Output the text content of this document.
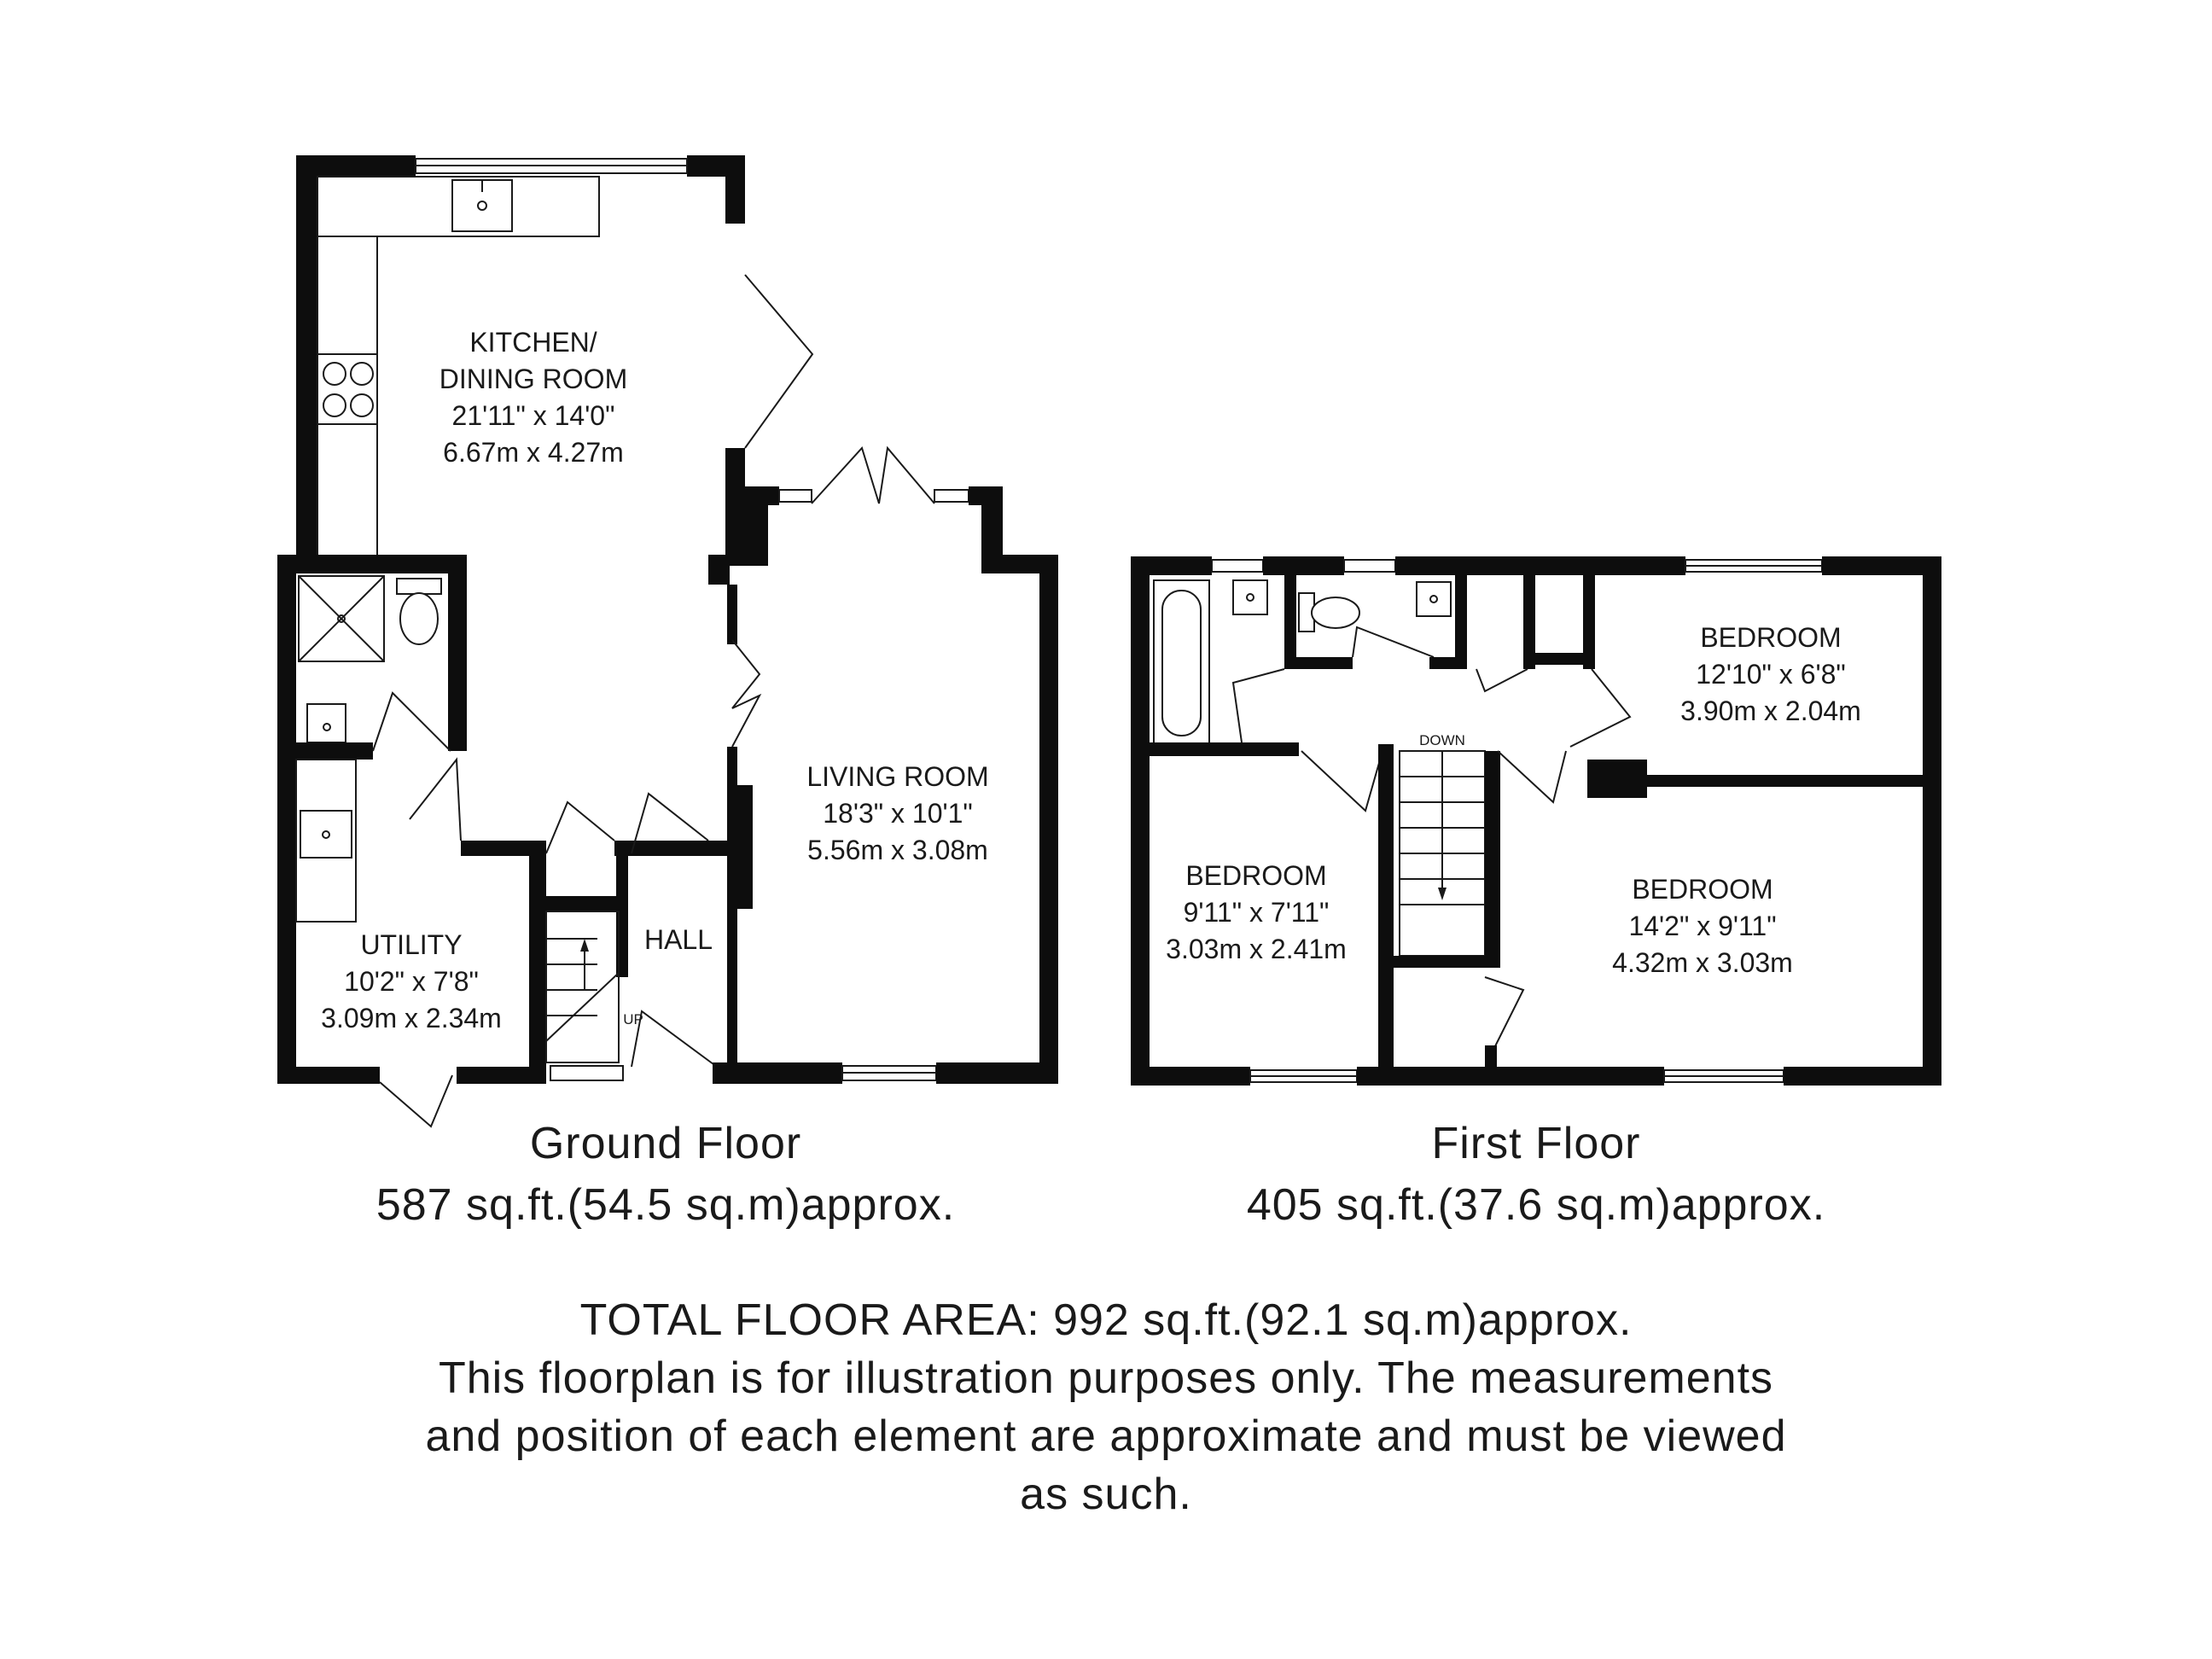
UP
KITCHEN/
DINING ROOM
21'11" x 14'0"
6.67m x 4.27m
LIVING ROOM
18'3" x 10'1"
5.56m x 3.08m
UTILITY
10'2" x 7'8"
3.09m x 2.34m
HALL
DOWN
BEDROOM
12'10" x 6'8"
3.90m x 2.04m
BEDROOM
9'11" x 7'11"
3.03m x 2.41m
BEDROOM
14'2" x 9'11"
4.32m x 3.03m
Ground Floor
587 sq.ft.(54.5 sq.m)approx.
First Floor
405 sq.ft.(37.6 sq.m)approx.
TOTAL FLOOR AREA: 992 sq.ft.(92.1 sq.m)approx.
This floorplan is for illustration purposes only. The measurements
and position of each element are approximate and must be viewed
as such.
